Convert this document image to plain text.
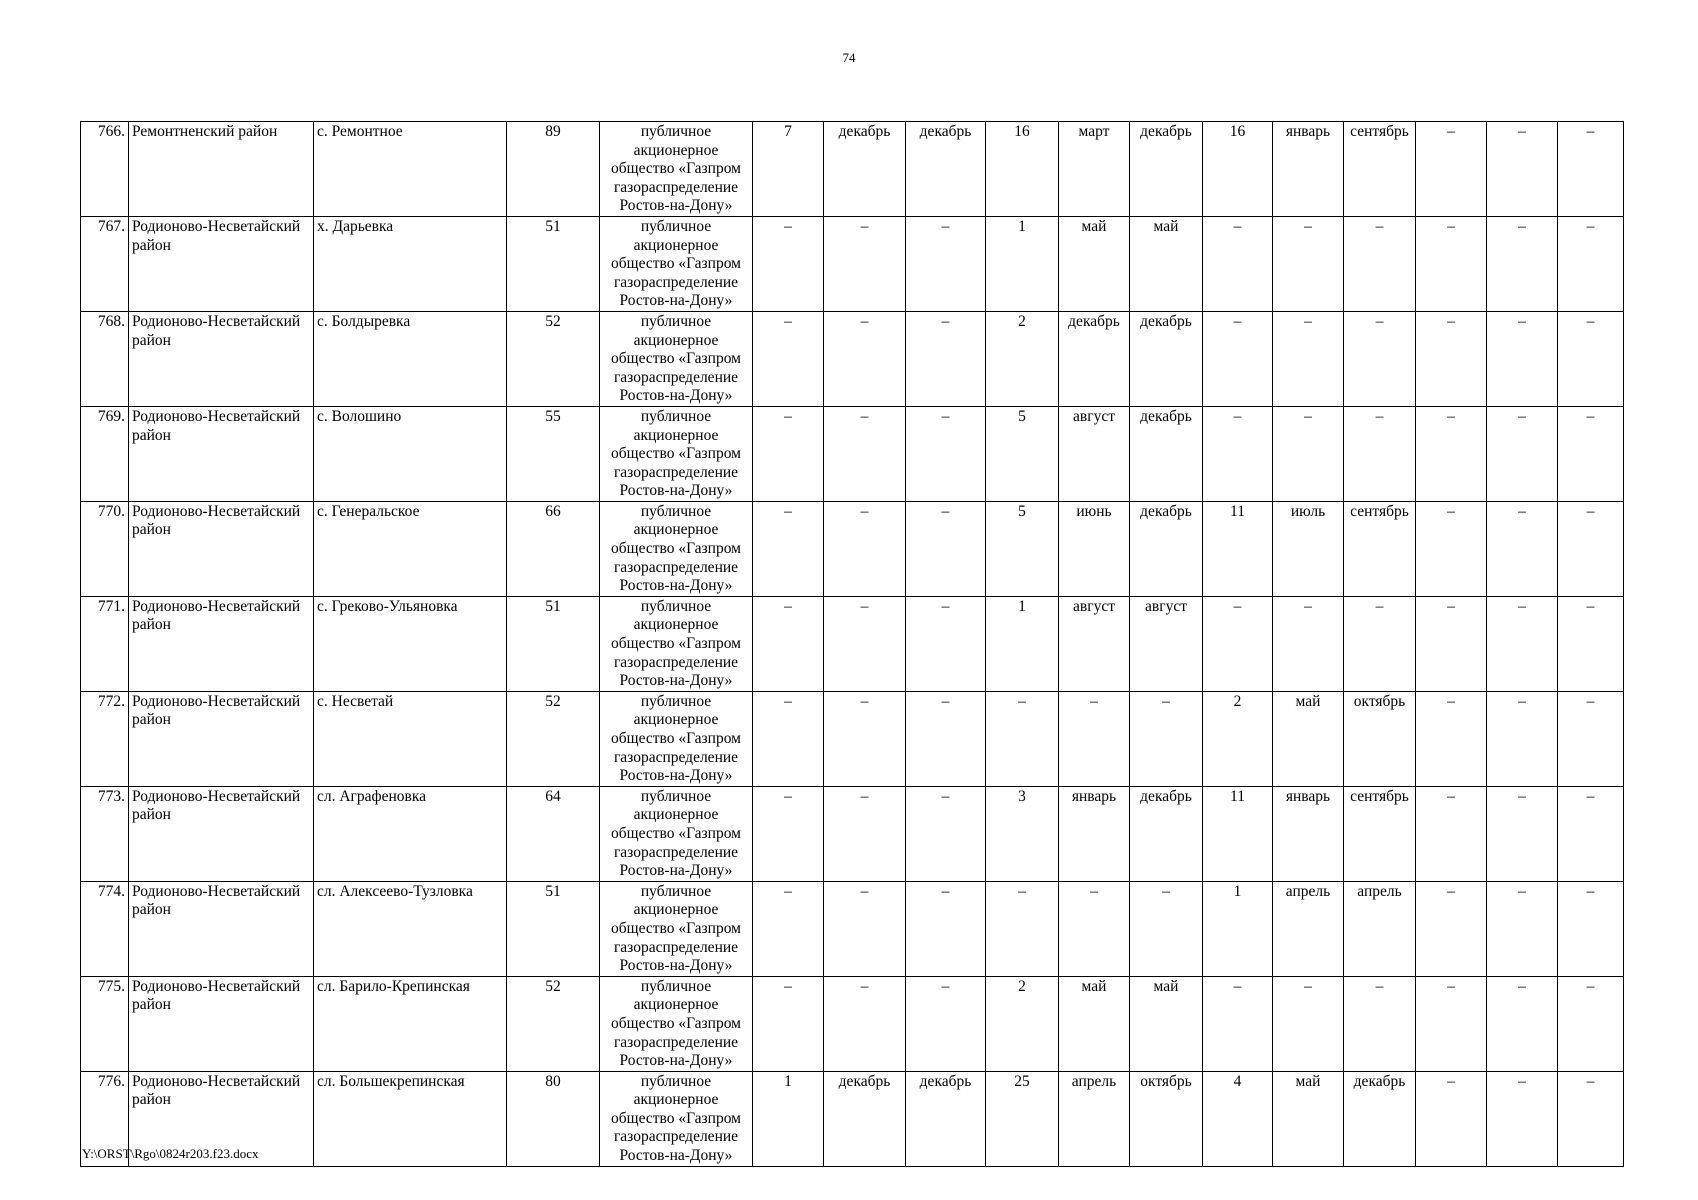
74
766.	Ремонтненский район	с. Ремонтное	89	публичное акционерное общество «Газпром газораспределение Ростов-на-Дону»	7	декабрь	декабрь	16	март	декабрь	16	январь	сентябрь	–	–	–
767.	Родионово-Несветайский район	х. Дарьевка	51	публичное акционерное общество «Газпром газораспределение Ростов-на-Дону»	–	–	–	1	май	май	–	–	–	–	–	–
768.	Родионово-Несветайский район	с. Болдыревка	52	публичное акционерное общество «Газпром газораспределение Ростов-на-Дону»	–	–	–	2	декабрь	декабрь	–	–	–	–	–	–
769.	Родионово-Несветайский район	с. Волошино	55	публичное акционерное общество «Газпром газораспределение Ростов-на-Дону»	–	–	–	5	август	декабрь	–	–	–	–	–	–
770.	Родионово-Несветайский район	с. Генеральское	66	публичное акционерное общество «Газпром газораспределение Ростов-на-Дону»	–	–	–	5	июнь	декабрь	11	июль	сентябрь	–	–	–
771.	Родионово-Несветайский район	с. Греково-Ульяновка	51	публичное акционерное общество «Газпром газораспределение Ростов-на-Дону»	–	–	–	1	август	август	–	–	–	–	–	–
772.	Родионово-Несветайский район	с. Несветай	52	публичное акционерное общество «Газпром газораспределение Ростов-на-Дону»	–	–	–	–	–	–	2	май	октябрь	–	–	–
773.	Родионово-Несветайский район	сл. Аграфеновка	64	публичное акционерное общество «Газпром газораспределение Ростов-на-Дону»	–	–	–	3	январь	декабрь	11	январь	сентябрь	–	–	–
774.	Родионово-Несветайский район	сл. Алексеево-Тузловка	51	публичное акционерное общество «Газпром газораспределение Ростов-на-Дону»	–	–	–	–	–	–	1	апрель	апрель	–	–	–
775.	Родионово-Несветайский район	сл. Барило-Крепинская	52	публичное акционерное общество «Газпром газораспределение Ростов-на-Дону»	–	–	–	2	май	май	–	–	–	–	–	–
776.	Родионово-Несветайский район	сл. Большекрепинская	80	публичное акционерное общество «Газпром газораспределение Ростов-на-Дону»	1	декабрь	декабрь	25	апрель	октябрь	4	май	декабрь	–	–	–
Y:\ORST\Rgo\0824r203.f23.docx
